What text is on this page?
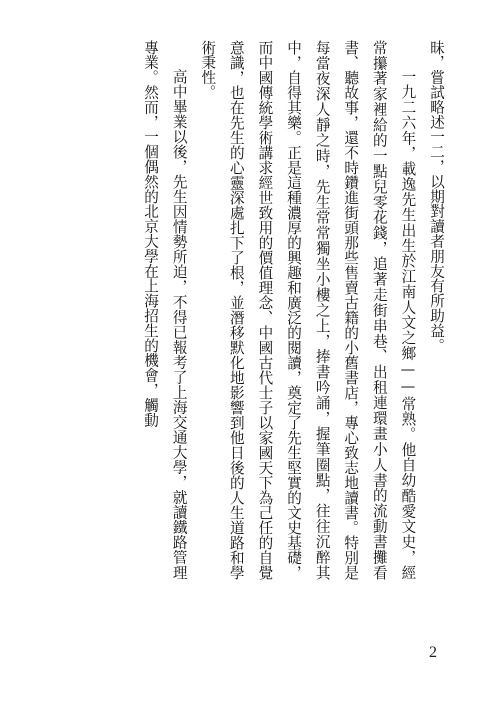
昧，嘗試略述一二，以期對讀者朋友有所助益。

一九二六年，載逸先生出生於江南人文之鄉——常熟。他自幼酷愛文史，經常攥著家裡給的一點兒零花錢，追著走街串巷、出租連環畫小人書的流動書攤看書、聽故事，還不時鑽進街頭那些售賣古籍的小舊書店，專心致志地讀書。特別是每當夜深人靜之時，先生常常獨坐小樓之上，捧書吟誦，握筆圈點，往往沉醉其中，自得其樂。正是這種濃厚的興趣和廣泛的閱讀，奠定了先生堅實的文史基礎，而中國傳統學術講求經世致用的價值理念、中國古代士子以家國天下為己任的自覺意識，也在先生的心靈深處扎下了根，並潛移默化地影響到他日後的人生道路和學術秉性。

高中畢業以後，先生因情勢所迫，不得已報考了上海交通大學，就讀鐵路管理專業。然而，一個偶然的北京大學在上海招生的機會，觸動

2
